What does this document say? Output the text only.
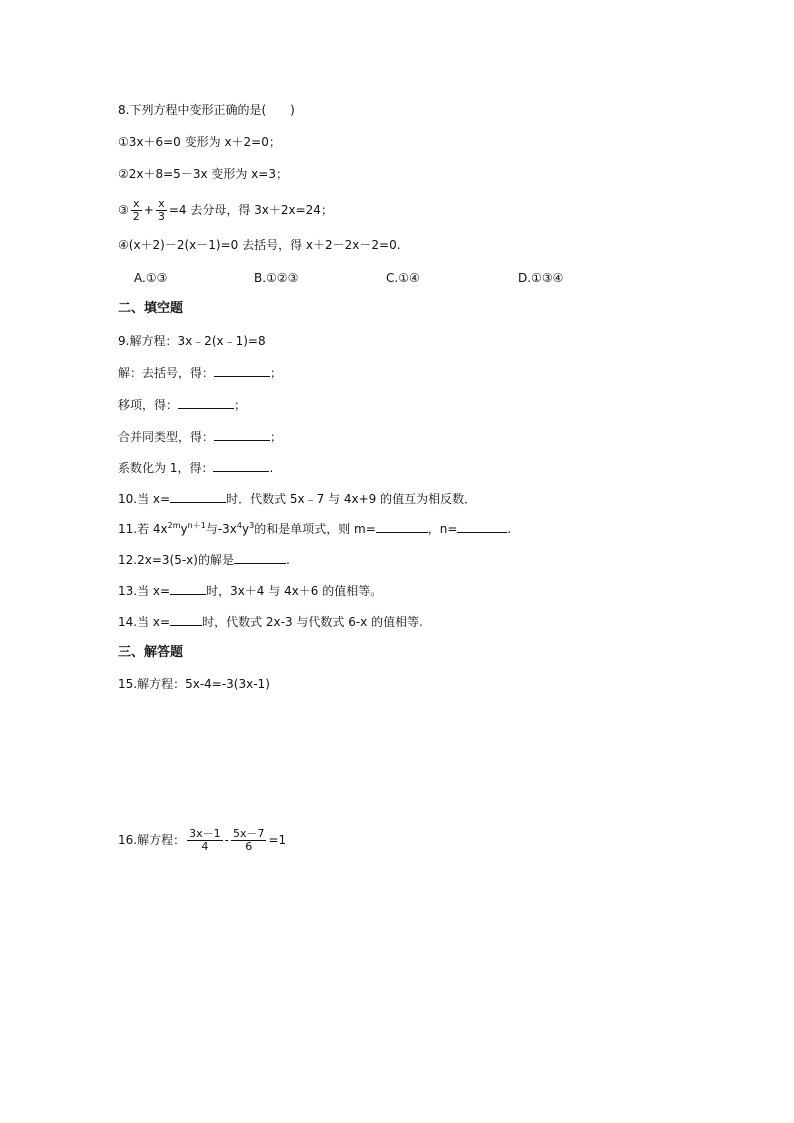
8.下列方程中变形正确的是(　　)
①3x＋6=0 变形为 x＋2=0；
②2x＋8=5－3x 变形为 x=3；
③ $\frac{x}{2} + \frac{x}{3} =4$ 去分母，得 3x＋2x=24；
④(x＋2)－2(x－1)=0 去括号，得 x＋2－2x－2=0.
A.①③	B.①②③	C.①④	D.①③④
二、填空题
9.解方程：3x﹣2(x﹣1)=8
解：去括号，得：	；
移项，得：	；
合并同类型，得：	；
系数化为 1，得：	.
10.当 x=	时．代数式 5x﹣7 与 4x+9 的值互为相反数．
11.若 $4x^{2m}y^{n+1}$与$-3x^4y^3$的和是单项式，则 m=	，n=	.
12.2x=3(5-x)的解是	.
13.当 x=	时，3x＋4 与 4x＋6 的值相等。
14.当 x=	时，代数式 2x-3 与代数式 6-x 的值相等.
三、解答题
15.解方程：5x-4=-3(3x-1)
16.解方程： $\frac{3x-1}{4} - \frac{5x-7}{6} =1$
